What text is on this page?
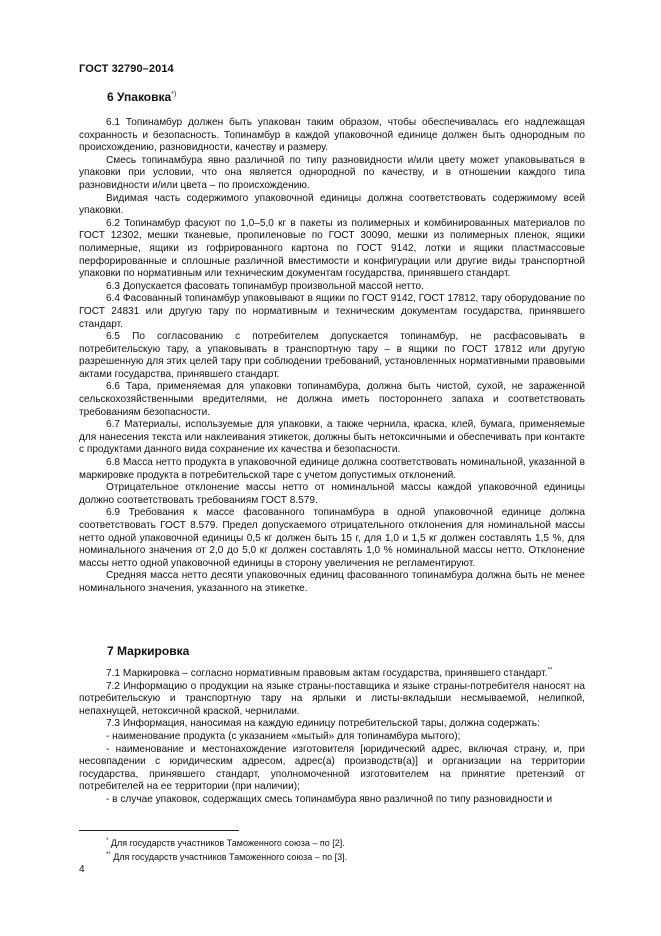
ГОСТ 32790–2014
6 Упаковка*)

6.1 Топинамбур должен быть упакован таким образом, чтобы обеспечивалась его надлежащая сохранность и безопасность. Топинамбур в каждой упаковочной единице должен быть однородным по происхождению, разновидности, качеству и размеру.

Смесь топинамбура явно различной по типу разновидности и/или цвету может упаковываться в упаковки при условии, что она является однородной по качеству, и в отношении каждого типа разновидности и/или цвета – по происхождению.

Видимая часть содержимого упаковочной единицы должна соответствовать содержимому всей упаковки.

6.2 Топинамбур фасуют по 1,0–5,0 кг в пакеты из полимерных и комбинированных материалов по ГОСТ 12302, мешки тканевые, пропиленовые по ГОСТ 30090, мешки из полимерных пленок, ящики полимерные, ящики из гофрированного картона по ГОСТ 9142, лотки и ящики пластмассовые перфорированные и сплошные различной вместимости и конфигурации или другие виды транспортной упаковки по нормативным или техническим документам государства, принявшего стандарт.

6.3 Допускается фасовать топинамбур произвольной массой нетто.

6.4 Фасованный топинамбур упаковывают в ящики по ГОСТ 9142, ГОСТ 17812, тару оборудование по ГОСТ 24831 или другую тару по нормативным и техническим документам государства, принявшего стандарт.

6.5 По согласованию с потребителем допускается топинамбур, не расфасовывать в потребительскую тару, а упаковывать в транспортную тару – в ящики по ГОСТ 17812 или другую разрешенную для этих целей тару при соблюдении требований, установленных нормативными правовыми актами государства, принявшего стандарт.

6.6 Тара, применяемая для упаковки топинамбура, должна быть чистой, сухой, не зараженной сельскохозяйственными вредителями, не должна иметь постороннего запаха и соответствовать требованиям безопасности.

6.7 Материалы, используемые для упаковки, а также чернила, краска, клей, бумага, применяемые для нанесения текста или наклеивания этикеток, должны быть нетоксичными и обеспечивать при контакте с продуктами данного вида сохранение их качества и безопасности.

6.8 Масса нетто продукта в упаковочной единице должна соответствовать номинальной, указанной в маркировке продукта в потребительской таре с учетом допустимых отклонений.

Отрицательное отклонение массы нетто от номинальной массы каждой упаковочной единицы должно соответствовать требованиям ГОСТ 8.579.

6.9 Требования к массе фасованного топинамбура в одной упаковочной единице должна соответствовать ГОСТ 8.579. Предел допускаемого отрицательного отклонения для номинальной массы нетто одной упаковочной единицы 0,5 кг должен быть 15 г, для 1,0 и 1,5 кг должен составлять 1,5 %, для номинального значения от 2,0 до 5,0 кг должен составлять 1,0 % номинальной массы нетто. Отклонение массы нетто одной упаковочной единицы в сторону увеличения не регламентируют.

Средняя масса нетто десяти упаковочных единиц фасованного топинамбура должна быть не менее номинального значения, указанного на этикетке.

7 Маркировка

7.1 Маркировка – согласно нормативным правовым актам государства, принявшего стандарт.**

7.2 Информацию о продукции на языке страны-поставщика и языке страны-потребителя наносят на потребительскую и транспортную тару на ярлыки и листы-вкладыши несмываемой, нелипкой, непахнущей, нетоксичной краской, чернилами.

7.3 Информация, наносимая на каждую единицу потребительской тары, должна содержать:

- наименование продукта (с указанием «мытый» для топинамбура мытого);

- наименование и местонахождение изготовителя [юридический адрес, включая страну, и, при несовпадении с юридическим адресом, адрес(а) производств(а)] и организации на территории государства, принявшего стандарт, уполномоченной изготовителем на принятие претензий от потребителей на ее территории (при наличии);

- в случае упаковок, содержащих смесь топинамбура явно различной по типу разновидности и

* Для государств участников Таможенного союза – по [2].
** Для государств участников Таможенного союза – по [3].
4
